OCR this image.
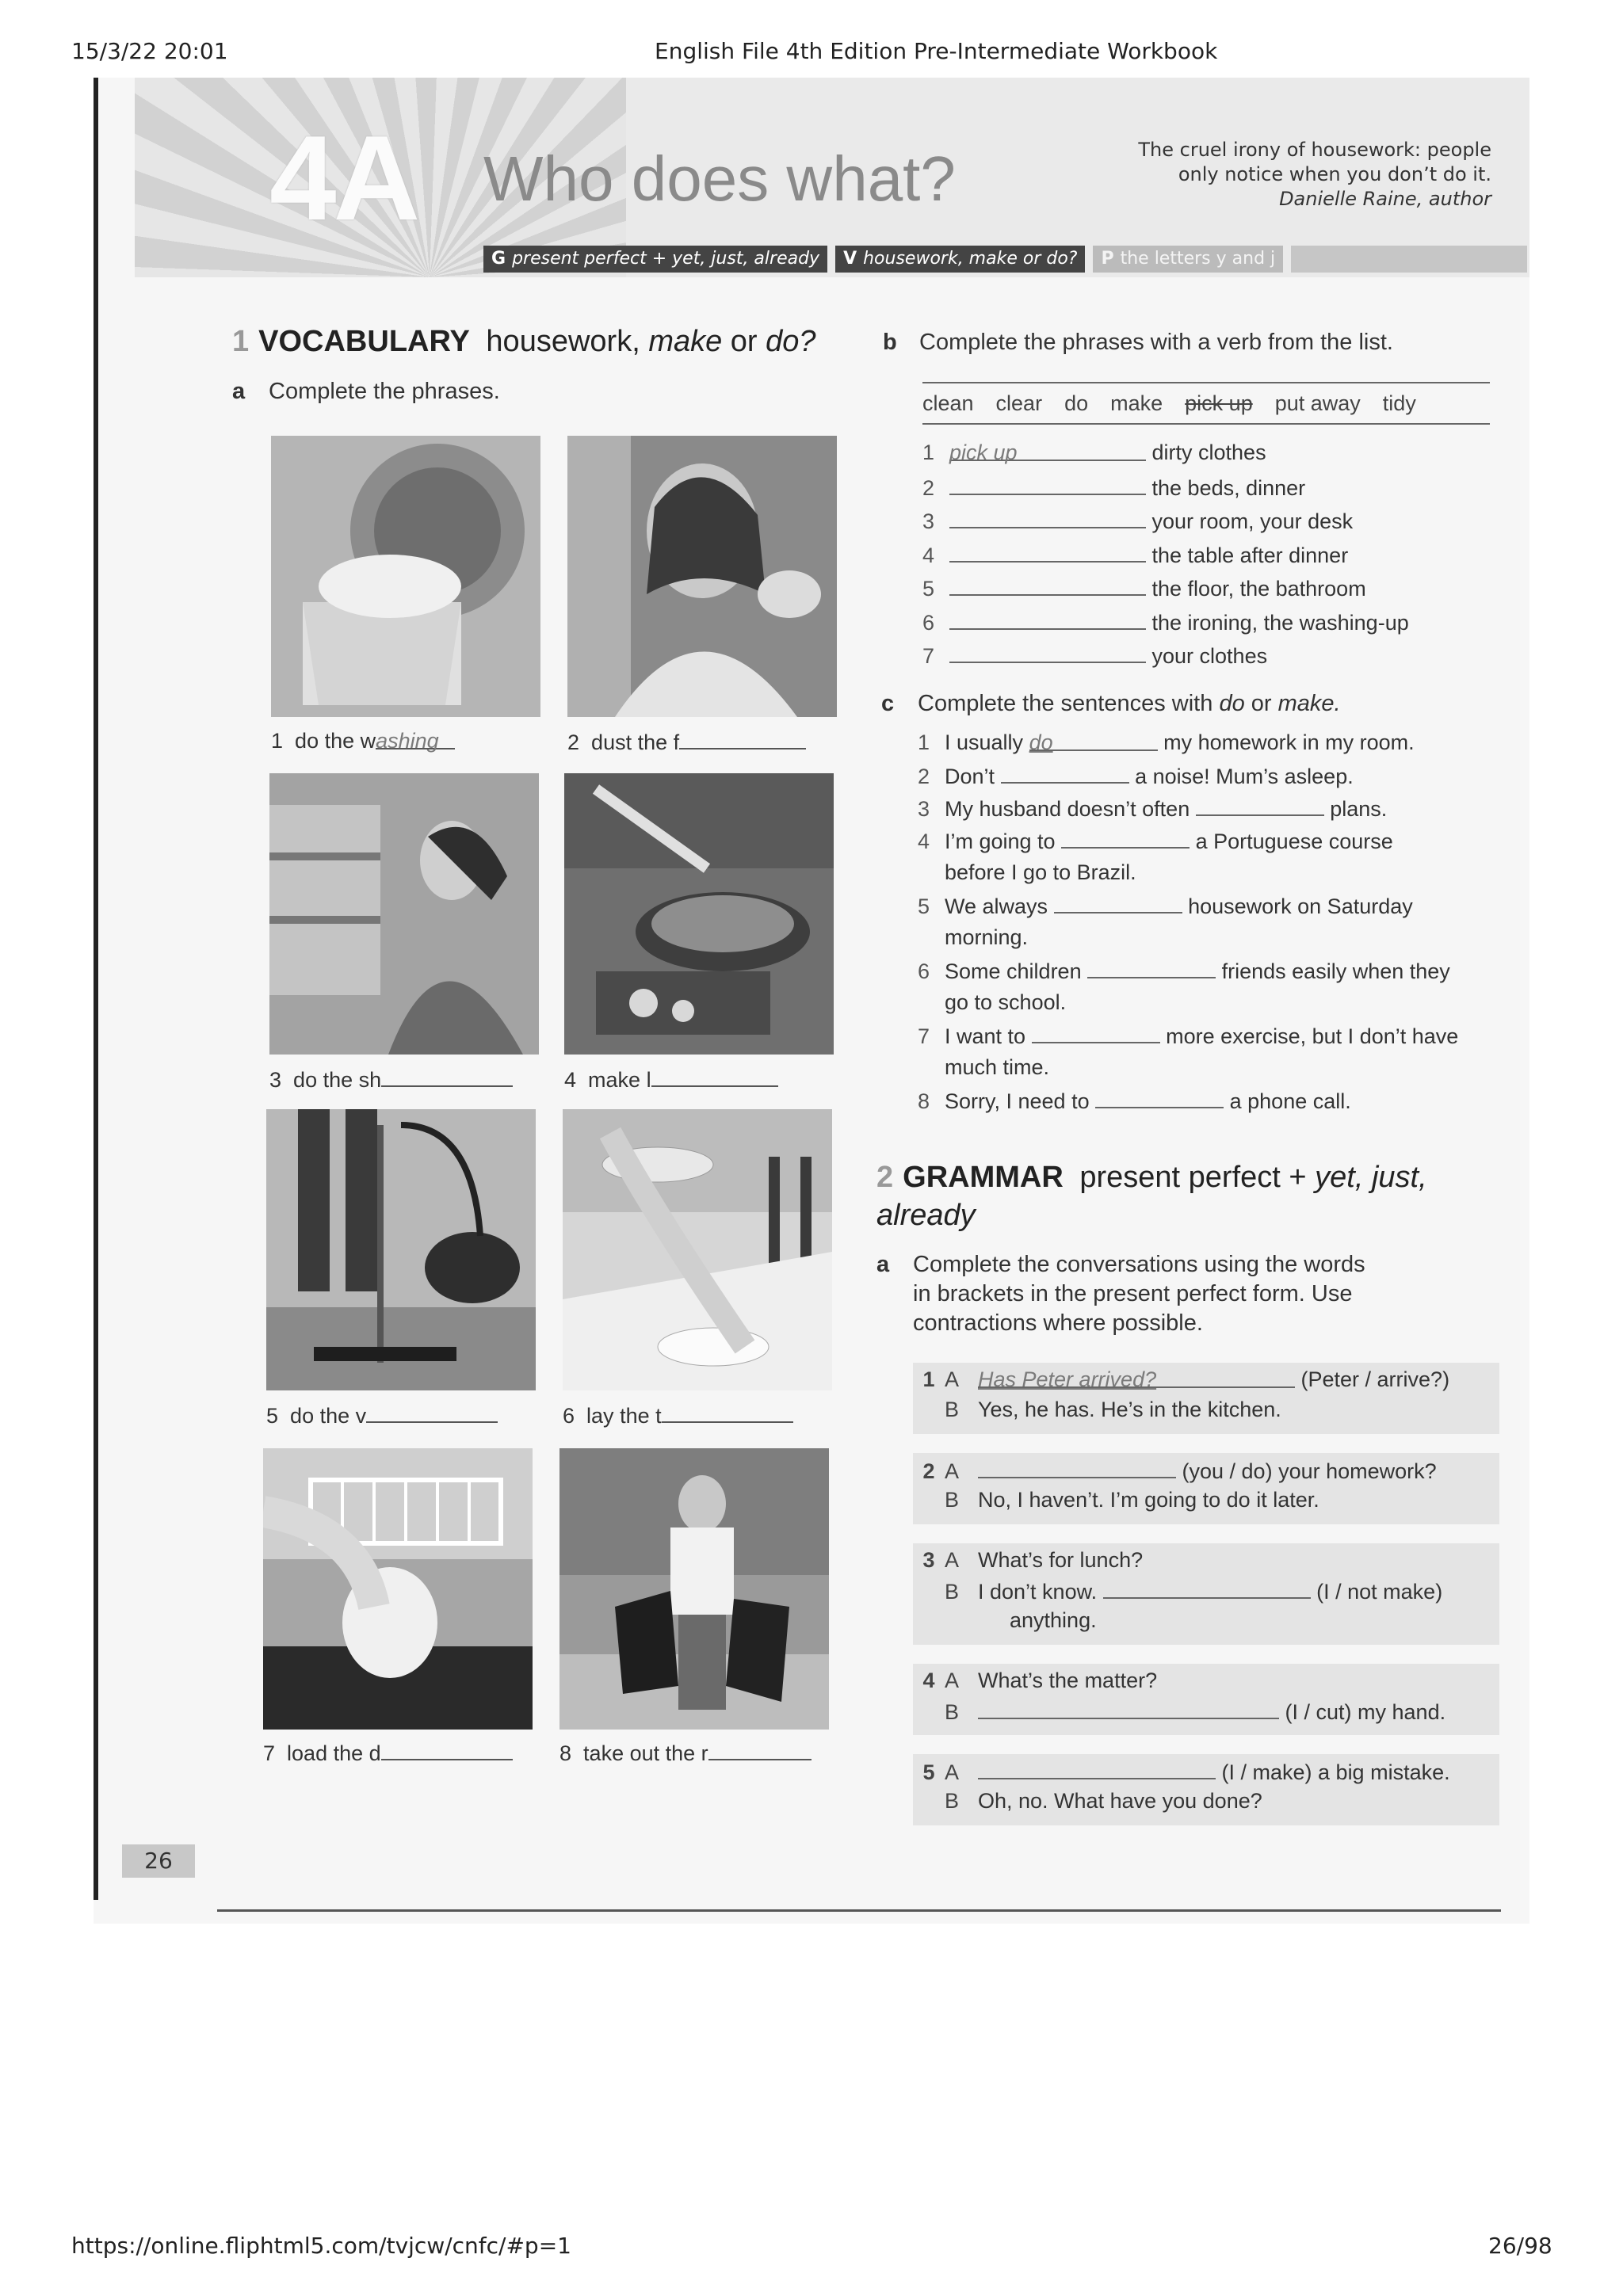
15/3/22 20:01	English File 4th Edition Pre-Intermediate Workbook
https://online.fliphtml5.com/tvjcw/cnfc/#p=1	26/98
4A Who does what?	The cruel irony of housework: people
only notice when you don’t do it.
Danielle Raine, author
G present perfect + yet, just, already	V housework, make or do?	P the letters y and j
1 VOCABULARY housework, make or do?
a Complete the phrases.
1 do the washing	2 dust the f
3 do the sh	4 make l
5 do the v	6 lay the t
7 load the d	8 take out the r
b Complete the phrases with a verb from the list.
clean clear do make pick up put away tidy
1 pick up	dirty clothes
2	the beds, dinner
3	your room, your desk
4	the table after dinner
5	the floor, the bathroom
6	the ironing, the washing-up
7	your clothes
c Complete the sentences with do or make.
1 I usually do	my homework in my room.
2 Don’t	a noise! Mum’s asleep.
3 My husband doesn’t often	plans.
4 I’m going to	a Portuguese course
before I go to Brazil.
5 We always	housework on Saturday
morning.
6 Some children	friends easily when they
go to school.
7 I want to	more exercise, but I don’t have
much time.
8 Sorry, I need to	a phone call.
2 GRAMMAR present perfect + yet, just,
already
a Complete the conversations using the words
in brackets in the present perfect form. Use
contractions where possible.
1 A Has Peter arrived?	(Peter / arrive?)
B Yes, he has. He’s in the kitchen.
2 A	(you / do) your homework?
B No, I haven’t. I’m going to do it later.
3 A What’s for lunch?
B I don’t know.	(I / not make)
anything.
4 A What’s the matter?
B	(I / cut) my hand.
5 A	(I / make) a big mistake.
B Oh, no. What have you done?
26
